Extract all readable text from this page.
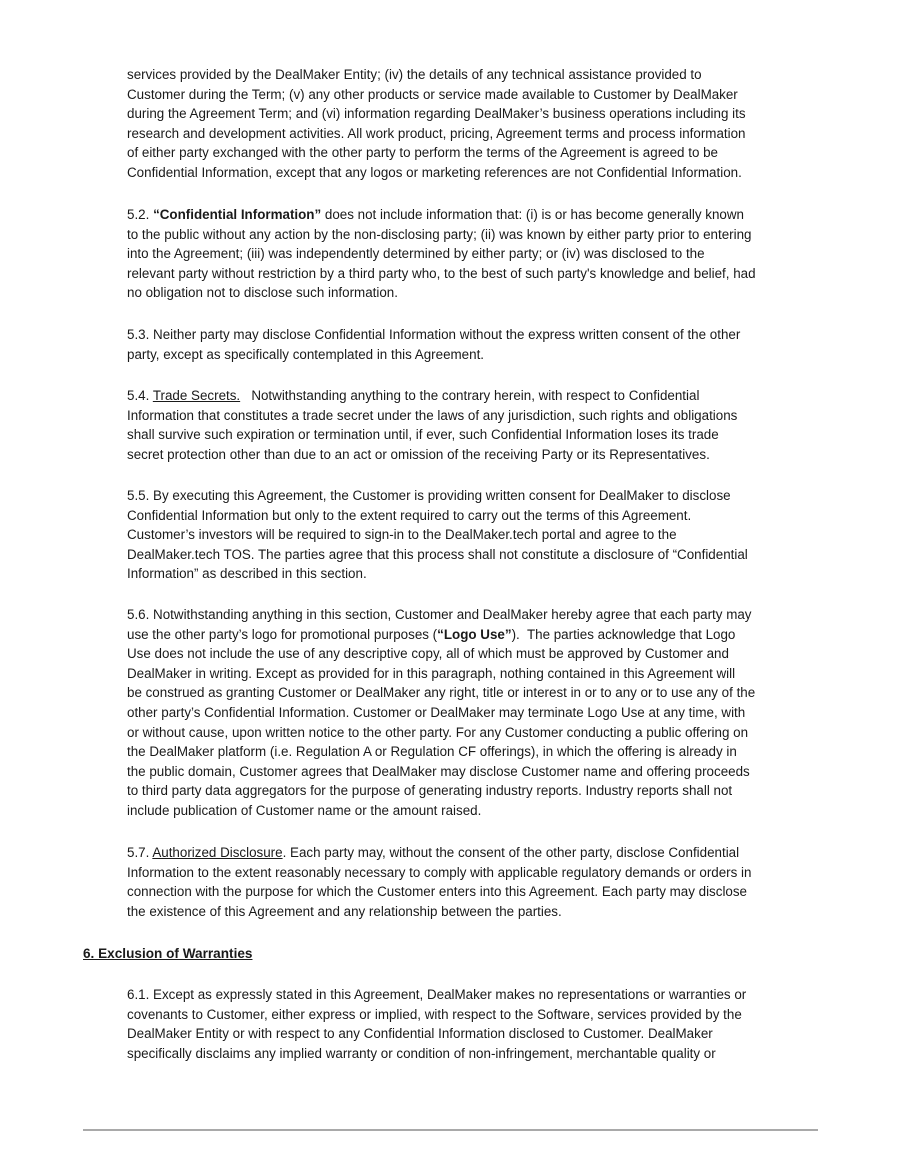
services provided by the DealMaker Entity; (iv) the details of any technical assistance provided to
Customer during the Term; (v) any other products or service made available to Customer by DealMaker
during the Agreement Term; and (vi) information regarding DealMaker’s business operations including its
research and development activities. All work product, pricing, Agreement terms and process information
of either party exchanged with the other party to perform the terms of the Agreement is agreed to be
Confidential Information, except that any logos or marketing references are not Confidential Information.
5.2. “Confidential Information” does not include information that: (i) is or has become generally known
to the public without any action by the non-disclosing party; (ii) was known by either party prior to entering
into the Agreement; (iii) was independently determined by either party; or (iv) was disclosed to the
relevant party without restriction by a third party who, to the best of such party's knowledge and belief, had
no obligation not to disclose such information.
5.3. Neither party may disclose Confidential Information without the express written consent of the other
party, except as specifically contemplated in this Agreement.
5.4. Trade Secrets.   Notwithstanding anything to the contrary herein, with respect to Confidential
Information that constitutes a trade secret under the laws of any jurisdiction, such rights and obligations
shall survive such expiration or termination until, if ever, such Confidential Information loses its trade
secret protection other than due to an act or omission of the receiving Party or its Representatives.
5.5. By executing this Agreement, the Customer is providing written consent for DealMaker to disclose
Confidential Information but only to the extent required to carry out the terms of this Agreement.
Customer’s investors will be required to sign-in to the DealMaker.tech portal and agree to the
DealMaker.tech TOS. The parties agree that this process shall not constitute a disclosure of “Confidential
Information” as described in this section.
5.6. Notwithstanding anything in this section, Customer and DealMaker hereby agree that each party may
use the other party’s logo for promotional purposes (“Logo Use”).  The parties acknowledge that Logo
Use does not include the use of any descriptive copy, all of which must be approved by Customer and
DealMaker in writing. Except as provided for in this paragraph, nothing contained in this Agreement will
be construed as granting Customer or DealMaker any right, title or interest in or to any or to use any of the
other party’s Confidential Information. Customer or DealMaker may terminate Logo Use at any time, with
or without cause, upon written notice to the other party. For any Customer conducting a public offering on
the DealMaker platform (i.e. Regulation A or Regulation CF offerings), in which the offering is already in
the public domain, Customer agrees that DealMaker may disclose Customer name and offering proceeds
to third party data aggregators for the purpose of generating industry reports. Industry reports shall not
include publication of Customer name or the amount raised.
5.7. Authorized Disclosure. Each party may, without the consent of the other party, disclose Confidential
Information to the extent reasonably necessary to comply with applicable regulatory demands or orders in
connection with the purpose for which the Customer enters into this Agreement. Each party may disclose
the existence of this Agreement and any relationship between the parties.
6. Exclusion of Warranties
6.1. Except as expressly stated in this Agreement, DealMaker makes no representations or warranties or
covenants to Customer, either express or implied, with respect to the Software, services provided by the
DealMaker Entity or with respect to any Confidential Information disclosed to Customer. DealMaker
specifically disclaims any implied warranty or condition of non-infringement, merchantable quality or
